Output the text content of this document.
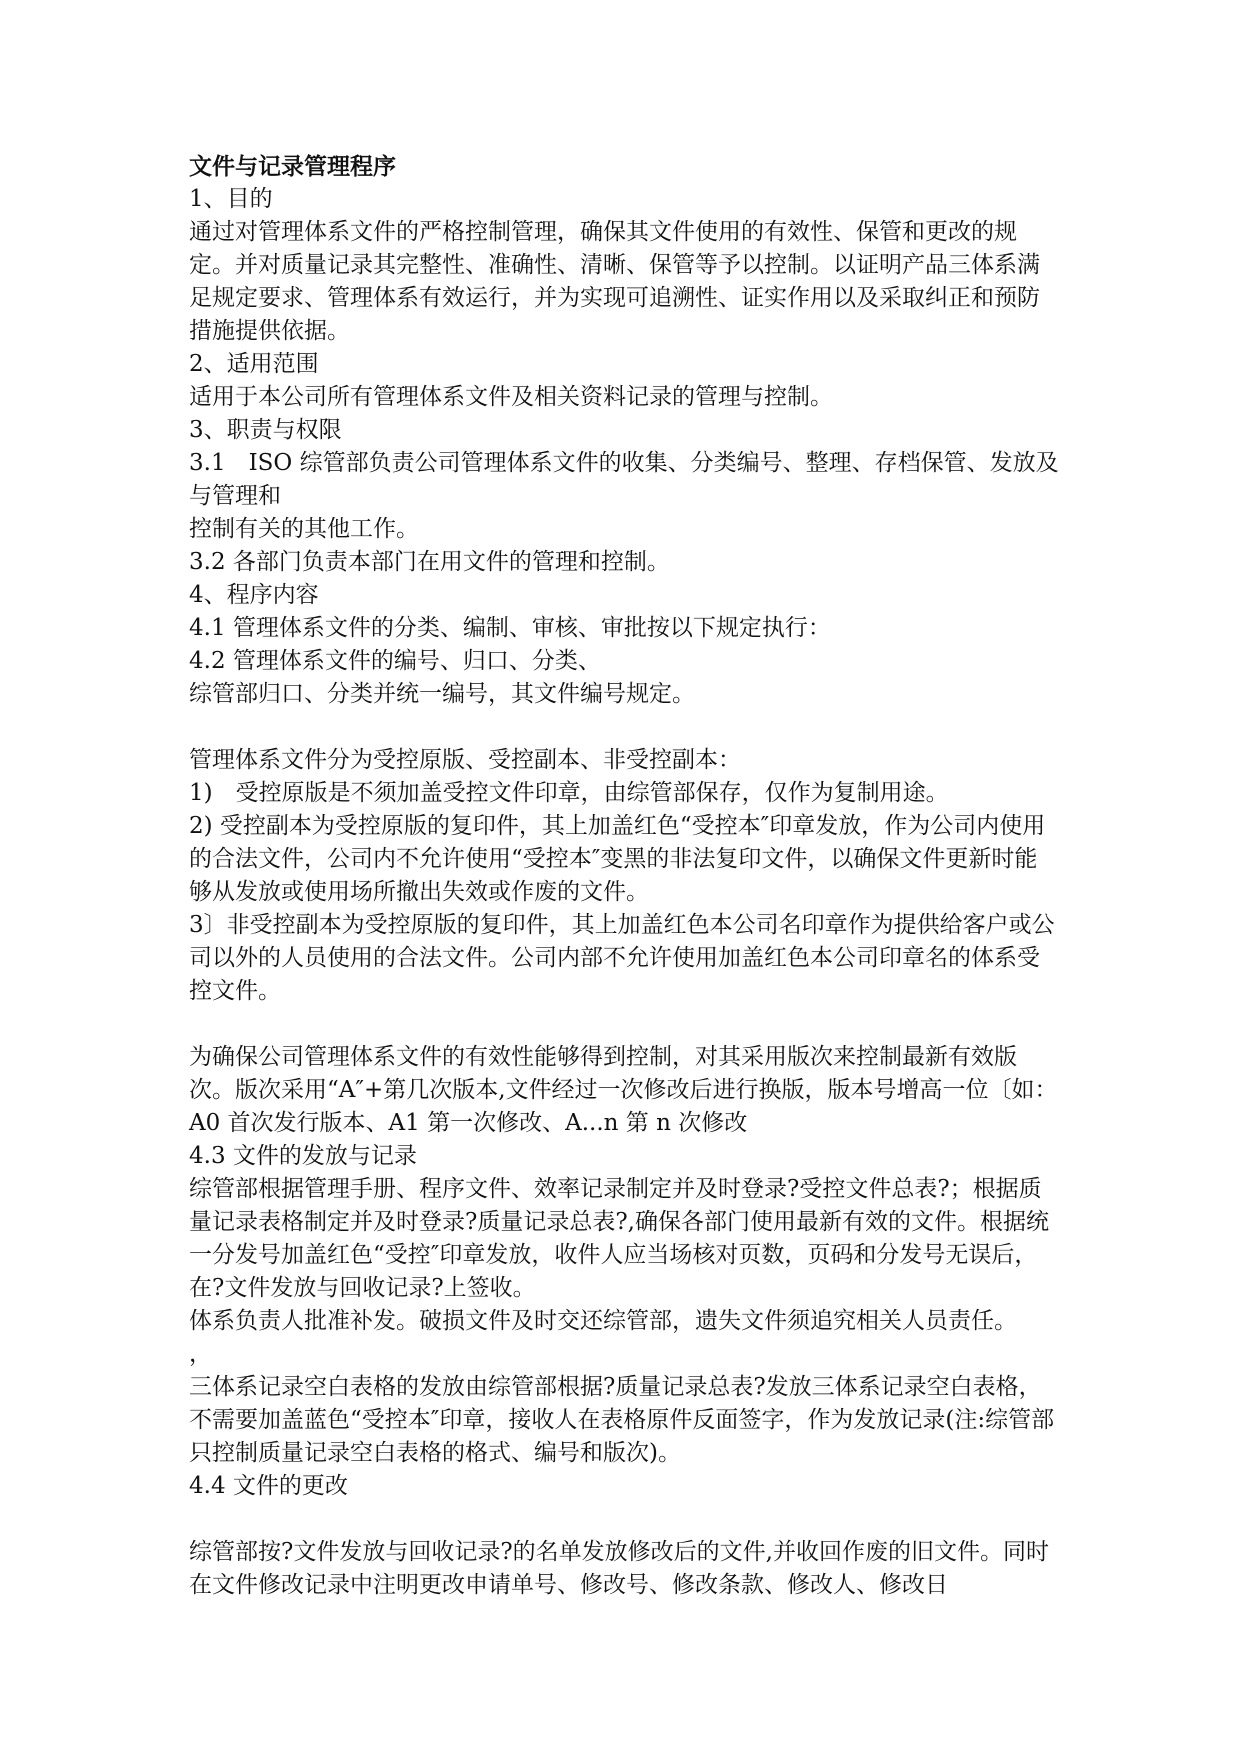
文件与记录管理程序

1、目的

通过对管理体系文件的严格控制管理，确保其文件使用的有效性、保管和更改的规定。并对质量记录其完整性、准确性、清晰、保管等予以控制。以证明产品三体系满足规定要求、管理体系有效运行，并为实现可追溯性、证实作用以及采取纠正和预防措施提供依据。

2、适用范围

适用于本公司所有管理体系文件及相关资料记录的管理与控制。

3、职责与权限

3.1　ISO 综管部负责公司管理体系文件的收集、分类编号、整理、存档保管、发放及与管理和

控制有关的其他工作。

3.2 各部门负责本部门在用文件的管理和控制。

4、程序内容

4.1 管理体系文件的分类、编制、审核、审批按以下规定执行：

4.2 管理体系文件的编号、归口、分类、

综管部归口、分类并统一编号，其文件编号规定。

管理体系文件分为受控原版、受控副本、非受控副本：

1)　受控原版是不须加盖受控文件印章，由综管部保存，仅作为复制用途。

2) 受控副本为受控原版的复印件，其上加盖红色“受控本″印章发放，作为公司内使用的合法文件，公司内不允许使用“受控本″变黑的非法复印文件，以确保文件更新时能够从发放或使用场所撤出失效或作废的文件。

3〕非受控副本为受控原版的复印件，其上加盖红色本公司名印章作为提供给客户或公司以外的人员使用的合法文件。公司内部不允许使用加盖红色本公司印章名的体系受控文件。

为确保公司管理体系文件的有效性能够得到控制，对其采用版次来控制最新有效版次。版次采用“A″+第几次版本,文件经过一次修改后进行换版，版本号增高一位〔如：A0 首次发行版本、A1 第一次修改、A...n 第 n 次修改

4.3 文件的发放与记录

综管部根据管理手册、程序文件、效率记录制定并及时登录?受控文件总表?；根据质量记录表格制定并及时登录?质量记录总表?,确保各部门使用最新有效的文件。根据统一分发号加盖红色“受控″印章发放，收件人应当场核对页数，页码和分发号无误后，在?文件发放与回收记录?上签收。

体系负责人批准补发。破损文件及时交还综管部，遗失文件须追究相关人员责任。

，

三体系记录空白表格的发放由综管部根据?质量记录总表?发放三体系记录空白表格，不需要加盖蓝色“受控本″印章，接收人在表格原件反面签字，作为发放记录(注:综管部只控制质量记录空白表格的格式、编号和版次)。

4.4 文件的更改

综管部按?文件发放与回收记录?的名单发放修改后的文件,并收回作废的旧文件。同时在文件修改记录中注明更改申请单号、修改号、修改条款、修改人、修改日
